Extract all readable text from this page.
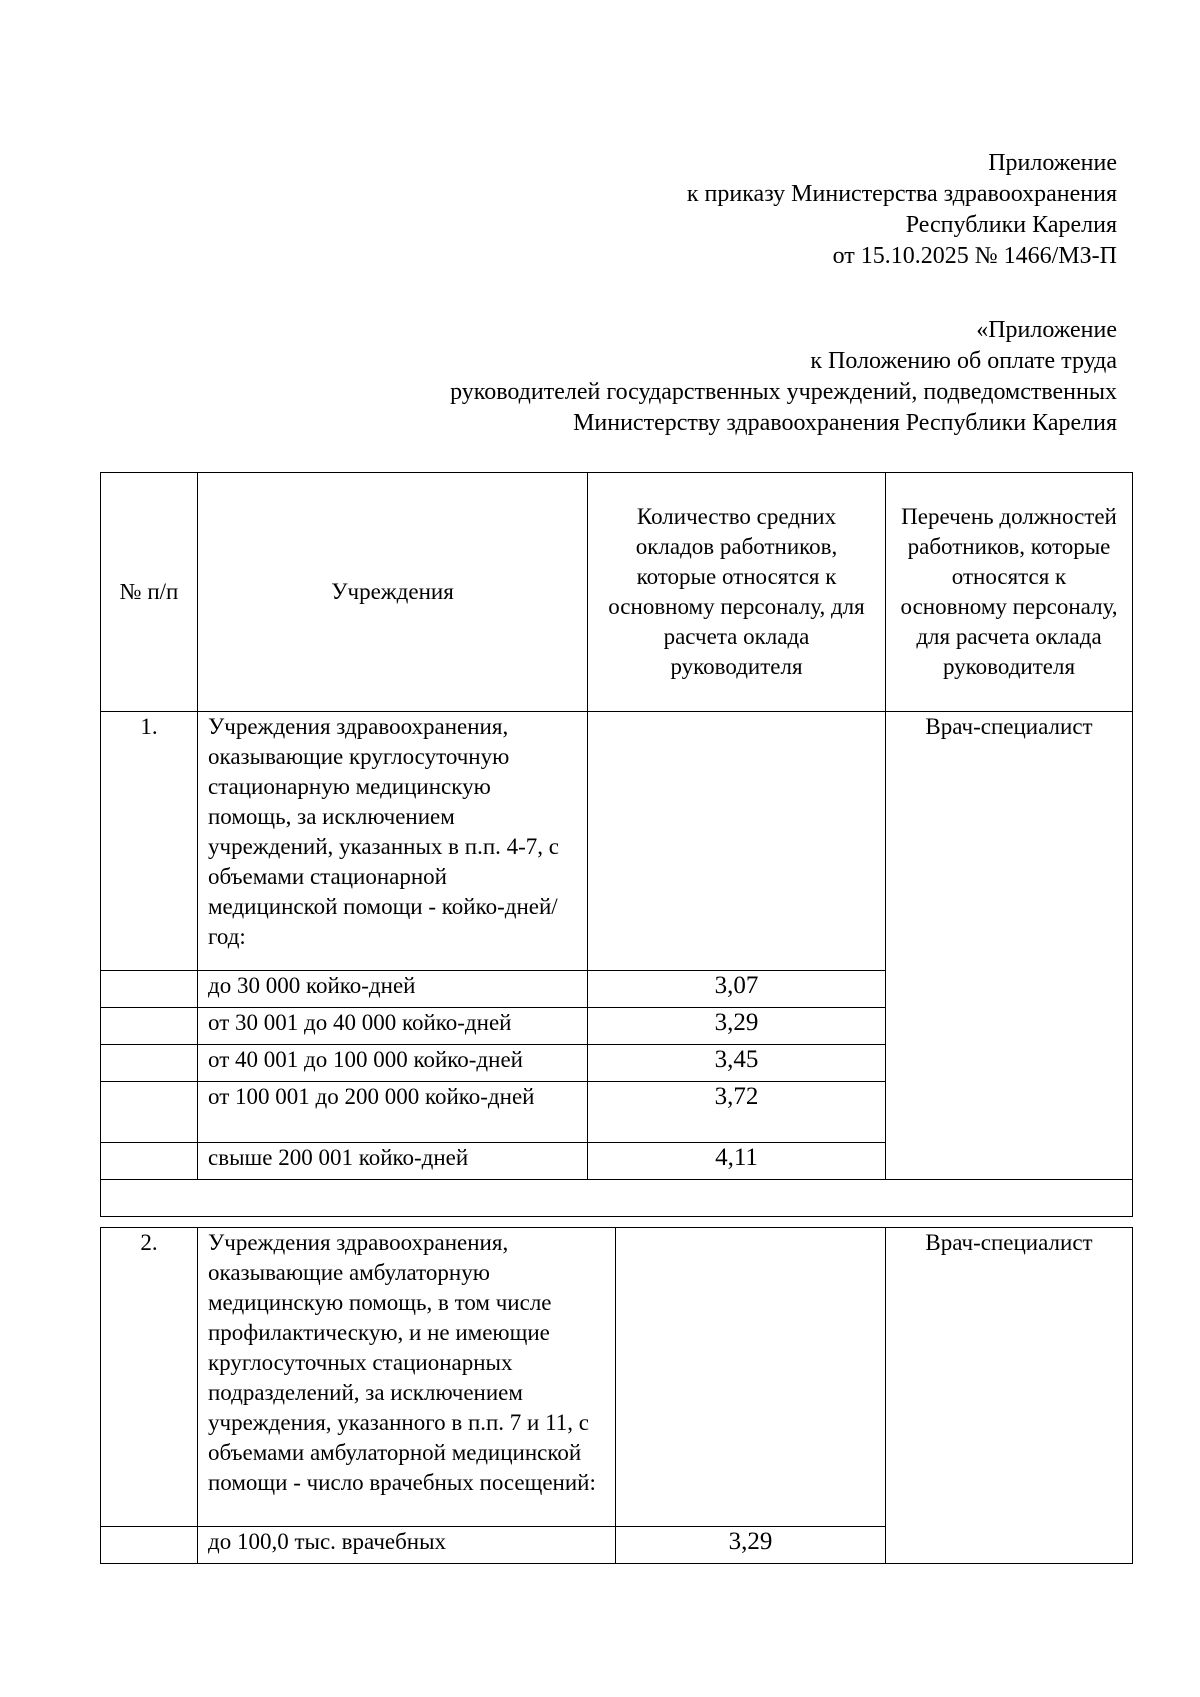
Приложение
к приказу Министерства здравоохранения
Республики Карелия
от 15.10.2025 № 1466/МЗ-П
«Приложение
к Положению об оплате труда
руководителей государственных учреждений, подведомственных
Министерству здравоохранения Республики Карелия
№ п/п	Учреждения	Количество средних окладов работников, которые относятся к основному персоналу, для расчета оклада руководителя	Перечень должностей работников, которые относятся к основному персоналу, для расчета оклада руководителя
1.	Учреждения здравоохранения, оказывающие круглосуточную стационарную медицинскую помощь, за исключением учреждений, указанных в п.п. 4-7, с объемами стационарной медицинской помощи - койко-дней/год:		Врач-специалист
	до 30 000 койко-дней	3,07	
	от 30 001 до 40 000 койко-дней	3,29	
	от 40 001 до 100 000 койко-дней	3,45	
	от 100 001 до 200 000 койко-дней	3,72	
	свыше 200 001 койко-дней	4,11	

2.	Учреждения здравоохранения, оказывающие амбулаторную медицинскую помощь, в том числе профилактическую, и не имеющие круглосуточных стационарных подразделений, за исключением учреждения, указанного в п.п. 7 и 11, с объемами амбулаторной медицинской помощи - число врачебных посещений:		Врач-специалист
	до 100,0 тыс. врачебных	3,29	
